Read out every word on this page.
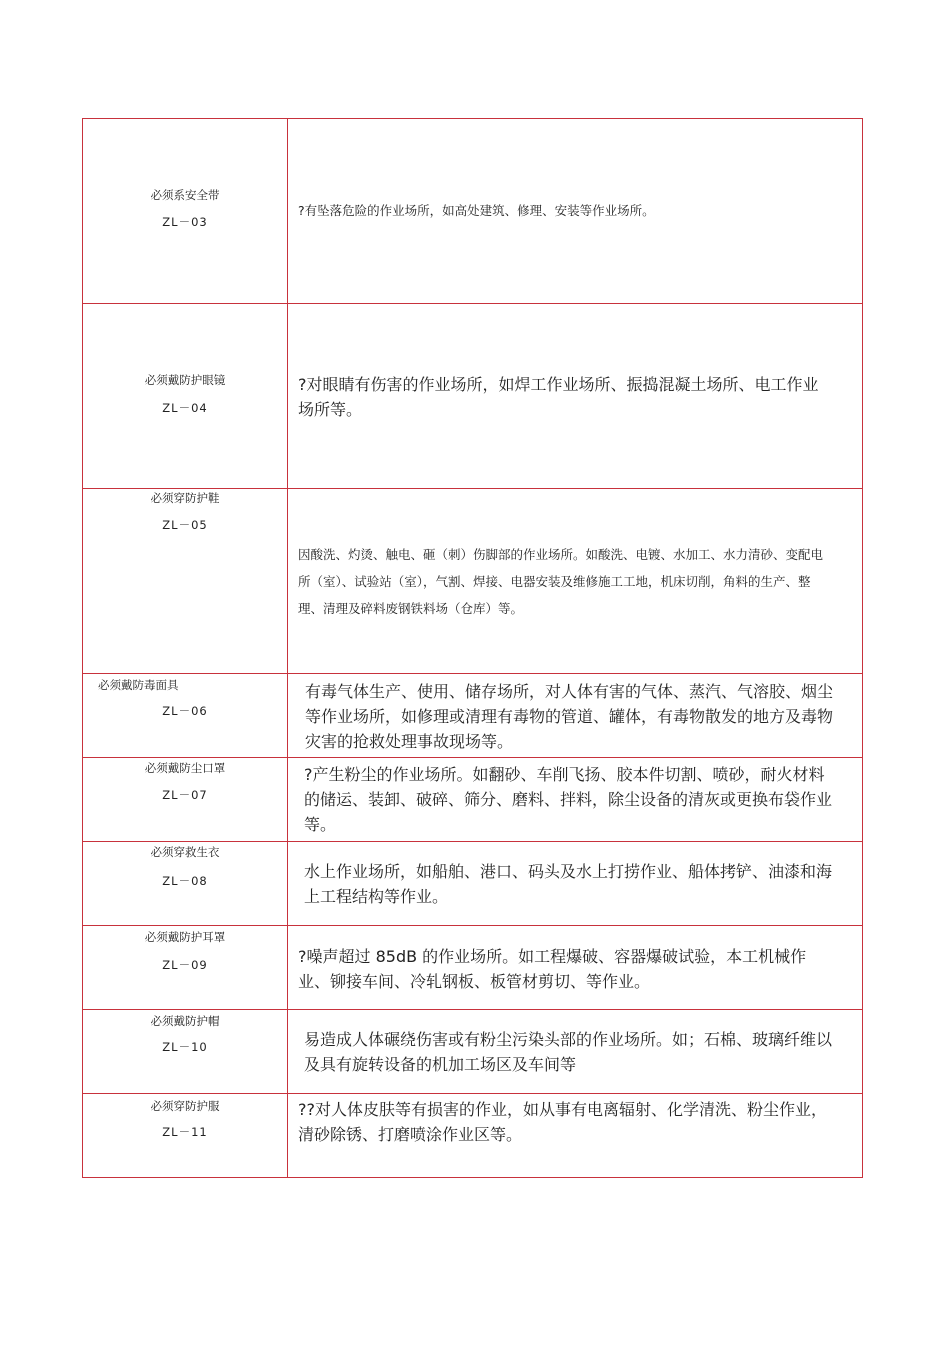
必须系安全带
ZL－03	?有坠落危险的作业场所，如高处建筑、修理、安装等作业场所。

必须戴防护眼镜
ZL－04	?对眼睛有伤害的作业场所，如焊工作业场所、振捣混凝土场所、电工作业场所等。

必须穿防护鞋
ZL－05	因酸洗、灼烫、触电、砸（刺）伤脚部的作业场所。如酸洗、电镀、水加工、水力清砂、变配电所（室）、试验站（室），气割、焊接、电器安装及维修施工工地，机床切削，角料的生产、整理、清理及碎料废钢铁料场（仓库）等。

必须戴防毒面具
ZL－06	有毒气体生产、使用、储存场所，对人体有害的气体、蒸汽、气溶胶、烟尘等作业场所，如修理或清理有毒物的管道、罐体，有毒物散发的地方及毒物灾害的抢救处理事故现场等。

必须戴防尘口罩
ZL－07	?产生粉尘的作业场所。如翻砂、车削飞扬、胶本件切割、喷砂，耐火材料的储运、装卸、破碎、筛分、磨料、拌料，除尘设备的清灰或更换布袋作业等。

必须穿救生衣
ZL－08	水上作业场所，如船舶、港口、码头及水上打捞作业、船体拷铲、油漆和海上工程结构等作业。

必须戴防护耳罩
ZL－09	?噪声超过 85dB 的作业场所。如工程爆破、容器爆破试验，本工机械作业、铆接车间、冷轧钢板、板管材剪切、等作业。

必须戴防护帽
ZL－10	易造成人体碾绕伤害或有粉尘污染头部的作业场所。如；石棉、玻璃纤维以及具有旋转设备的机加工场区及车间等

必须穿防护服
ZL－11	??对人体皮肤等有损害的作业，如从事有电离辐射、化学清洗、粉尘作业，清砂除锈、打磨喷涂作业区等。
